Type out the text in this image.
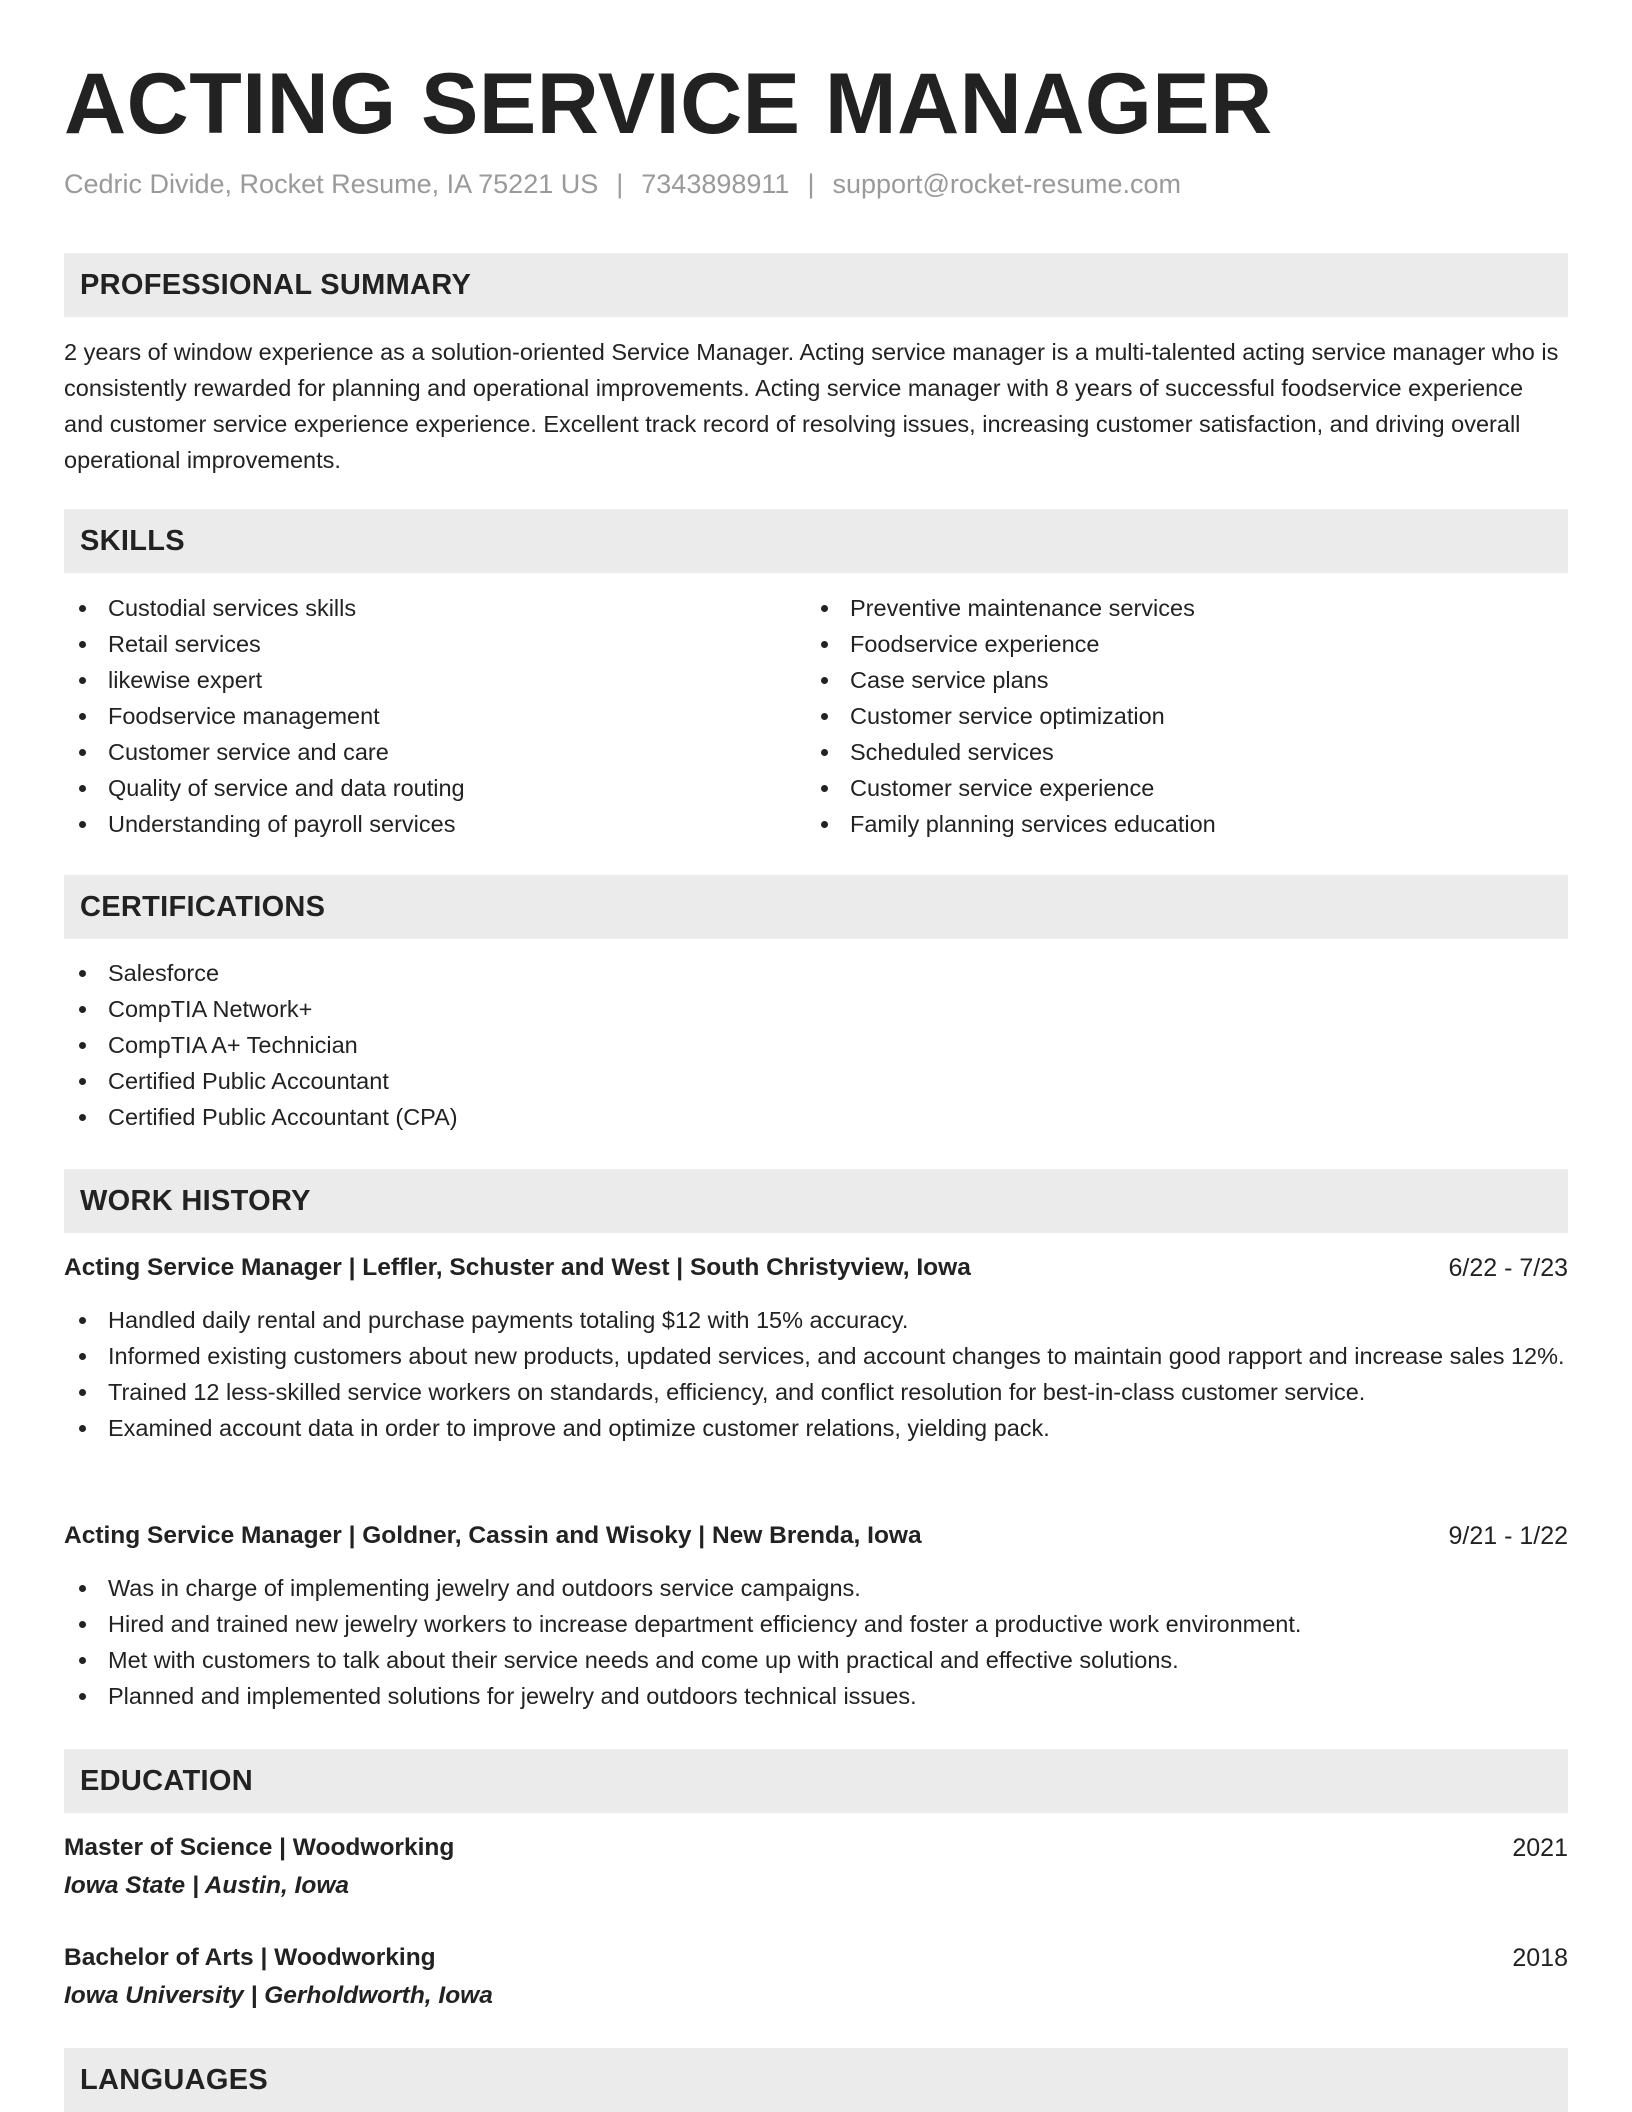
ACTING SERVICE MANAGER
Cedric Divide, Rocket Resume, IA 75221 US | 7343898911 | support@rocket-resume.com
PROFESSIONAL SUMMARY

2 years of window experience as a solution-oriented Service Manager. Acting service manager is a multi-talented acting service manager who is consistently rewarded for planning and operational improvements. Acting service manager with 8 years of successful foodservice experience and customer service experience experience. Excellent track record of resolving issues, increasing customer satisfaction, and driving overall operational improvements.

SKILLS
Custodial services skills
Retail services
likewise expert
Foodservice management
Customer service and care
Quality of service and data routing
Understanding of payroll services
Preventive maintenance services
Foodservice experience
Case service plans
Customer service optimization
Scheduled services
Customer service experience
Family planning services education
CERTIFICATIONS
Salesforce
CompTIA Network+
CompTIA A+ Technician
Certified Public Accountant
Certified Public Accountant (CPA)
WORK HISTORY
Acting Service Manager | Leffler, Schuster and West | South Christyview, Iowa	6/22 - 7/23
Handled daily rental and purchase payments totaling $12 with 15% accuracy.
Informed existing customers about new products, updated services, and account changes to maintain good rapport and increase sales 12%.
Trained 12 less-skilled service workers on standards, efficiency, and conflict resolution for best-in-class customer service.
Examined account data in order to improve and optimize customer relations, yielding pack.
Acting Service Manager | Goldner, Cassin and Wisoky | New Brenda, Iowa	9/21 - 1/22
Was in charge of implementing jewelry and outdoors service campaigns.
Hired and trained new jewelry workers to increase department efficiency and foster a productive work environment.
Met with customers to talk about their service needs and come up with practical and effective solutions.
Planned and implemented solutions for jewelry and outdoors technical issues.
EDUCATION
Master of Science | Woodworking	2021
Iowa State | Austin, Iowa
Bachelor of Arts | Woodworking	2018
Iowa University | Gerholdworth, Iowa
LANGUAGES
